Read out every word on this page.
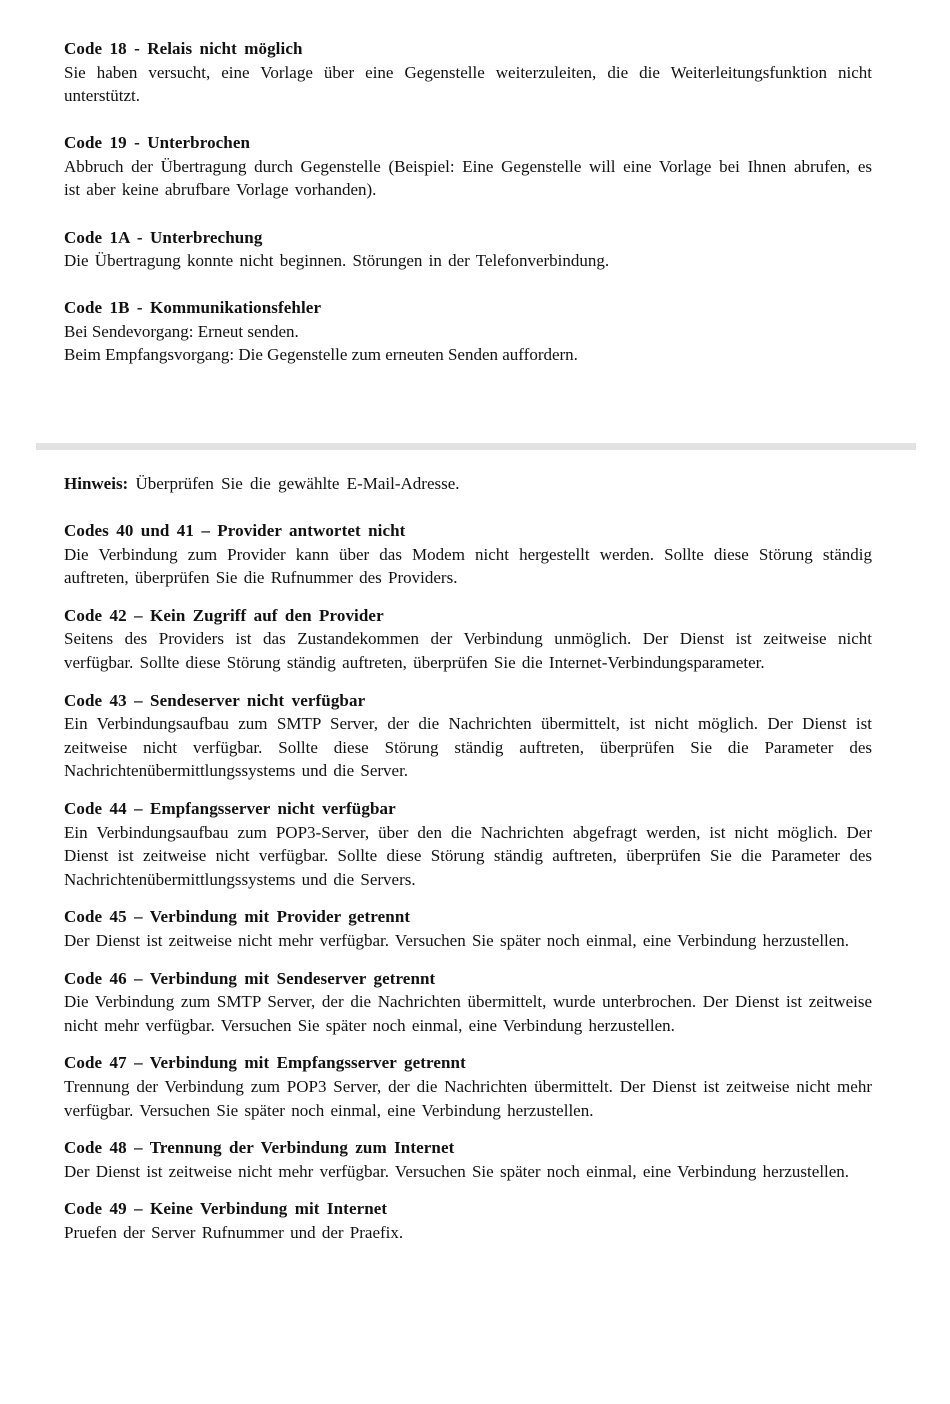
Code 18 - Relais nicht möglich
Sie haben versucht, eine Vorlage über eine Gegenstelle weiterzuleiten, die die Weiterleitungsfunktion nicht unterstützt.
Code 19 - Unterbrochen
Abbruch der Übertragung durch Gegenstelle (Beispiel: Eine Gegenstelle will eine Vorlage bei Ihnen abrufen, es ist aber keine abrufbare Vorlage vorhanden).
Code 1A - Unterbrechung
Die Übertragung konnte nicht beginnen. Störungen in der Telefonverbindung.
Code 1B - Kommunikationsfehler
Bei Sendevorgang: Erneut senden.
Beim Empfangsvorgang: Die Gegenstelle zum erneuten Senden auffordern.
Hinweis: Überprüfen Sie die gewählte E-Mail-Adresse.
Codes 40 und 41 – Provider antwortet nicht
Die Verbindung zum Provider kann über das Modem nicht hergestellt werden. Sollte diese Störung ständig auftreten, überprüfen Sie die Rufnummer des Providers.
Code 42 – Kein Zugriff auf den Provider
Seitens des Providers ist das Zustandekommen der Verbindung unmöglich. Der Dienst ist zeitweise nicht verfügbar. Sollte diese Störung ständig auftreten, überprüfen Sie die Internet-Verbindungsparameter.
Code 43 – Sendeserver nicht verfügbar
Ein Verbindungsaufbau zum SMTP Server, der die Nachrichten übermittelt, ist nicht möglich. Der Dienst ist zeitweise nicht verfügbar. Sollte diese Störung ständig auftreten, überprüfen Sie die Parameter des Nachrichtenübermittlungssystems und die Server.
Code 44 – Empfangsserver nicht verfügbar
Ein Verbindungsaufbau zum POP3-Server, über den die Nachrichten abgefragt werden, ist nicht möglich. Der Dienst ist zeitweise nicht verfügbar. Sollte diese Störung ständig auftreten, überprüfen Sie die Parameter des Nachrichtenübermittlungssystems und die Servers.
Code 45 – Verbindung mit Provider getrennt
Der Dienst ist zeitweise nicht mehr verfügbar. Versuchen Sie später noch einmal, eine Verbindung herzustellen.
Code 46 – Verbindung mit Sendeserver getrennt
Die Verbindung zum SMTP Server, der die Nachrichten übermittelt, wurde unterbrochen. Der Dienst ist zeitweise nicht mehr verfügbar. Versuchen Sie später noch einmal, eine Verbindung herzustellen.
Code 47 – Verbindung mit Empfangsserver getrennt
Trennung der Verbindung zum POP3 Server, der die Nachrichten übermittelt. Der Dienst ist zeitweise nicht mehr verfügbar. Versuchen Sie später noch einmal, eine Verbindung herzustellen.
Code 48 – Trennung der Verbindung zum Internet
Der Dienst ist zeitweise nicht mehr verfügbar. Versuchen Sie später noch einmal, eine Verbindung herzustellen.
Code 49 – Keine Verbindung mit Internet
Pruefen der Server Rufnummer und der Praefix.
